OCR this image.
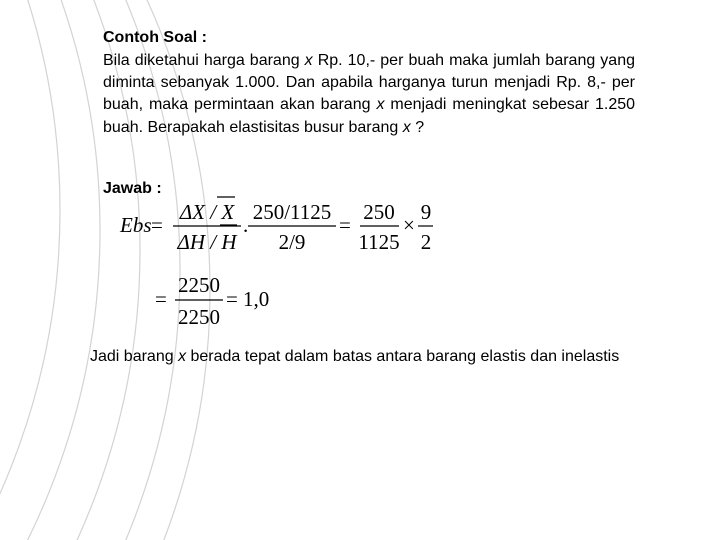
Contoh Soal :
Bila diketahui harga barang x Rp. 10,- per buah maka jumlah barang yang diminta sebanyak 1.000. Dan apabila harganya turun menjadi Rp. 8,- per buah, maka permintaan akan barang x menjadi meningkat sebesar 1.250 buah. Berapakah elastisitas busur barang x ?
Jawab :
Ebs =
ΔX / X
ΔH / H
.
250/1125
2/9
=
250
1125
×
9
2
=
2250
2250
= 1,0
Jadi barang x berada tepat dalam batas antara barang elastis dan inelastis
